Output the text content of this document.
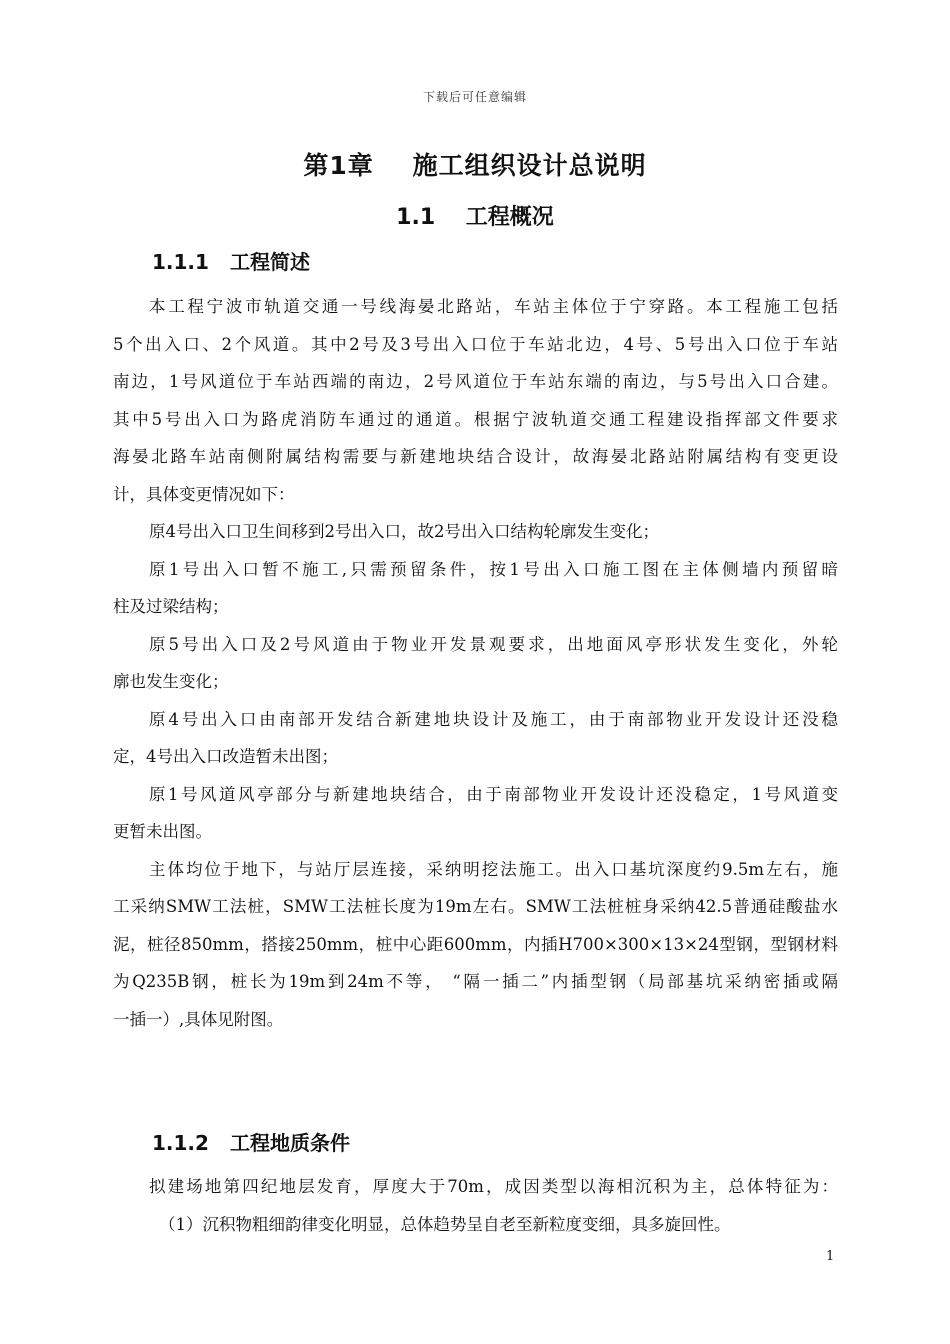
下载后可任意编辑
第1章 施工组织设计总说明
1.1 工程概况
1.1.1 工程简述
本工程宁波市轨道交通一号线海晏北路站，车站主体位于宁穿路。本工程施工包括
5个出入口、2个风道。其中2号及3号出入口位于车站北边，4号、5号出入口位于车站
南边，1号风道位于车站西端的南边，2号风道位于车站东端的南边，与5号出入口合建。
其中5号出入口为路虎消防车通过的通道。根据宁波轨道交通工程建设指挥部文件要求
海晏北路车站南侧附属结构需要与新建地块结合设计，故海晏北路站附属结构有变更设
计，具体变更情况如下：
原4号出入口卫生间移到2号出入口，故2号出入口结构轮廓发生变化；
原1号出入口暂不施工,只需预留条件，按1号出入口施工图在主体侧墙内预留暗
柱及过梁结构；
原5号出入口及2号风道由于物业开发景观要求，出地面风亭形状发生变化，外轮
廓也发生变化；
原4号出入口由南部开发结合新建地块设计及施工，由于南部物业开发设计还没稳
定，4号出入口改造暂未出图；
原1号风道风亭部分与新建地块结合，由于南部物业开发设计还没稳定，1号风道变
更暂未出图。
主体均位于地下，与站厅层连接，采纳明挖法施工。出入口基坑深度约9.5m左右，施
工采纳SMW工法桩，SMW工法桩长度为19m左右。SMW工法桩桩身采纳42.5普通硅酸盐水
泥，桩径850mm，搭接250mm，桩中心距600mm，内插H700×300×13×24型钢，型钢材料
为Q235B钢，桩长为19m到24m不等， “隔一插二”内插型钢（局部基坑采纳密插或隔
一插一）,具体见附图。
1.1.2 工程地质条件
拟建场地第四纪地层发育，厚度大于70m，成因类型以海相沉积为主，总体特征为：
（1）沉积物粗细韵律变化明显，总体趋势呈自老至新粒度变细，具多旋回性。
1
